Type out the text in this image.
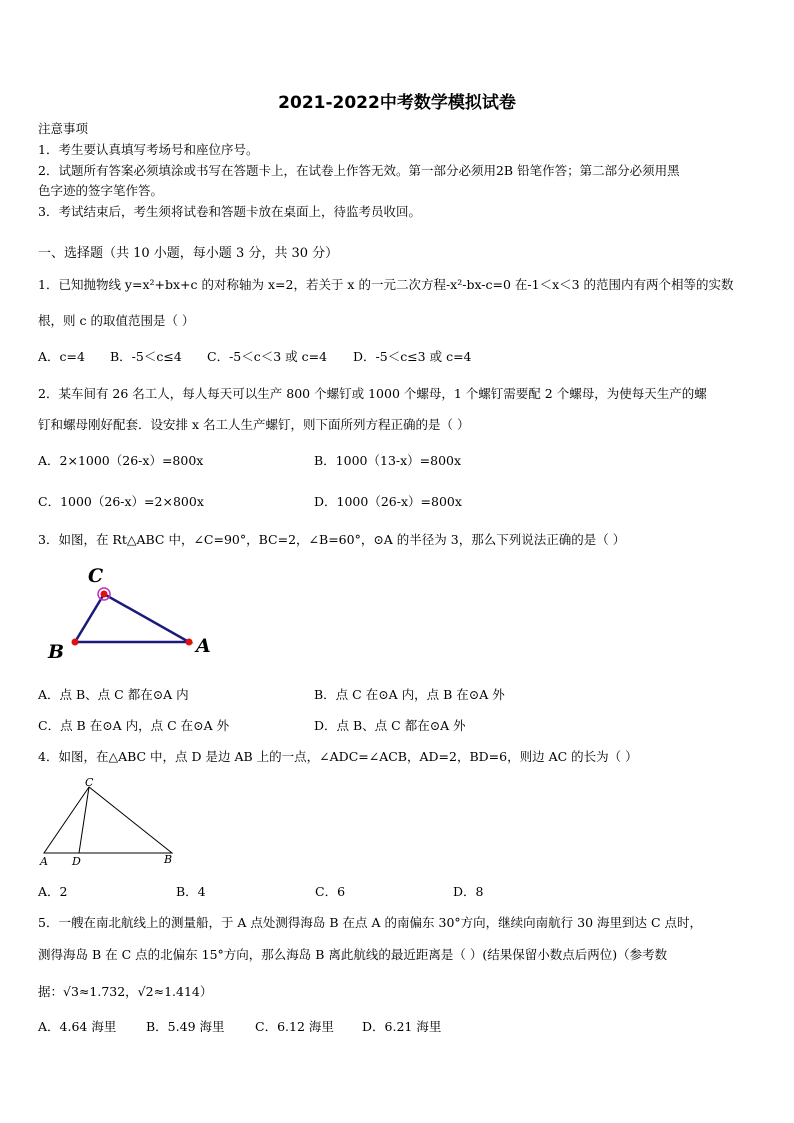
2021-2022中考数学模拟试卷
注意事项
1．考生要认真填写考场号和座位序号。
2．试题所有答案必须填涂或书写在答题卡上，在试卷上作答无效。第一部分必须用2B 铅笔作答；第二部分必须用黑
色字迹的签字笔作答。
3．考试结束后，考生须将试卷和答题卡放在桌面上，待监考员收回。
一、选择题（共 10 小题，每小题 3 分，共 30 分）
1．已知抛物线 y=x²+bx+c 的对称轴为 x=2，若关于 x 的一元二次方程-x²-bx-c=0 在-1＜x＜3 的范围内有两个相等的实数
根，则 c 的取值范围是（ ）
A．c=4 B．-5＜c≤4 C．-5＜c＜3 或 c=4 D．-5＜c≤3 或 c=4
2．某车间有 26 名工人，每人每天可以生产 800 个螺钉或 1000 个螺母，1 个螺钉需要配 2 个螺母，为使每天生产的螺
钉和螺母刚好配套．设安排 x 名工人生产螺钉，则下面所列方程正确的是（ ）
A．2×1000（26-x）=800x	B．1000（13-x）=800x
C．1000（26-x）=2×800x	D．1000（26-x）=800x
3．如图，在 Rt△ABC 中，∠C=90°，BC=2，∠B=60°，⊙A 的半径为 3，那么下列说法正确的是（ ）
C
B	A
A．点 B、点 C 都在⊙A 内	B．点 C 在⊙A 内，点 B 在⊙A 外
C．点 B 在⊙A 内，点 C 在⊙A 外	D．点 B、点 C 都在⊙A 外
4．如图，在△ABC 中，点 D 是边 AB 上的一点，∠ADC=∠ACB，AD=2，BD=6，则边 AC 的长为（ ）
C
A D	B
A．2	B．4	C．6	D．8
5．一艘在南北航线上的测量船，于 A 点处测得海岛 B 在点 A 的南偏东 30°方向，继续向南航行 30 海里到达 C 点时，
测得海岛 B 在 C 点的北偏东 15°方向，那么海岛 B 离此航线的最近距离是（ ）(结果保留小数点后两位)（参考数
据：√3≈1.732，√2≈1.414）
A．4.64 海里 B．5.49 海里 C．6.12 海里 D．6.21 海里
